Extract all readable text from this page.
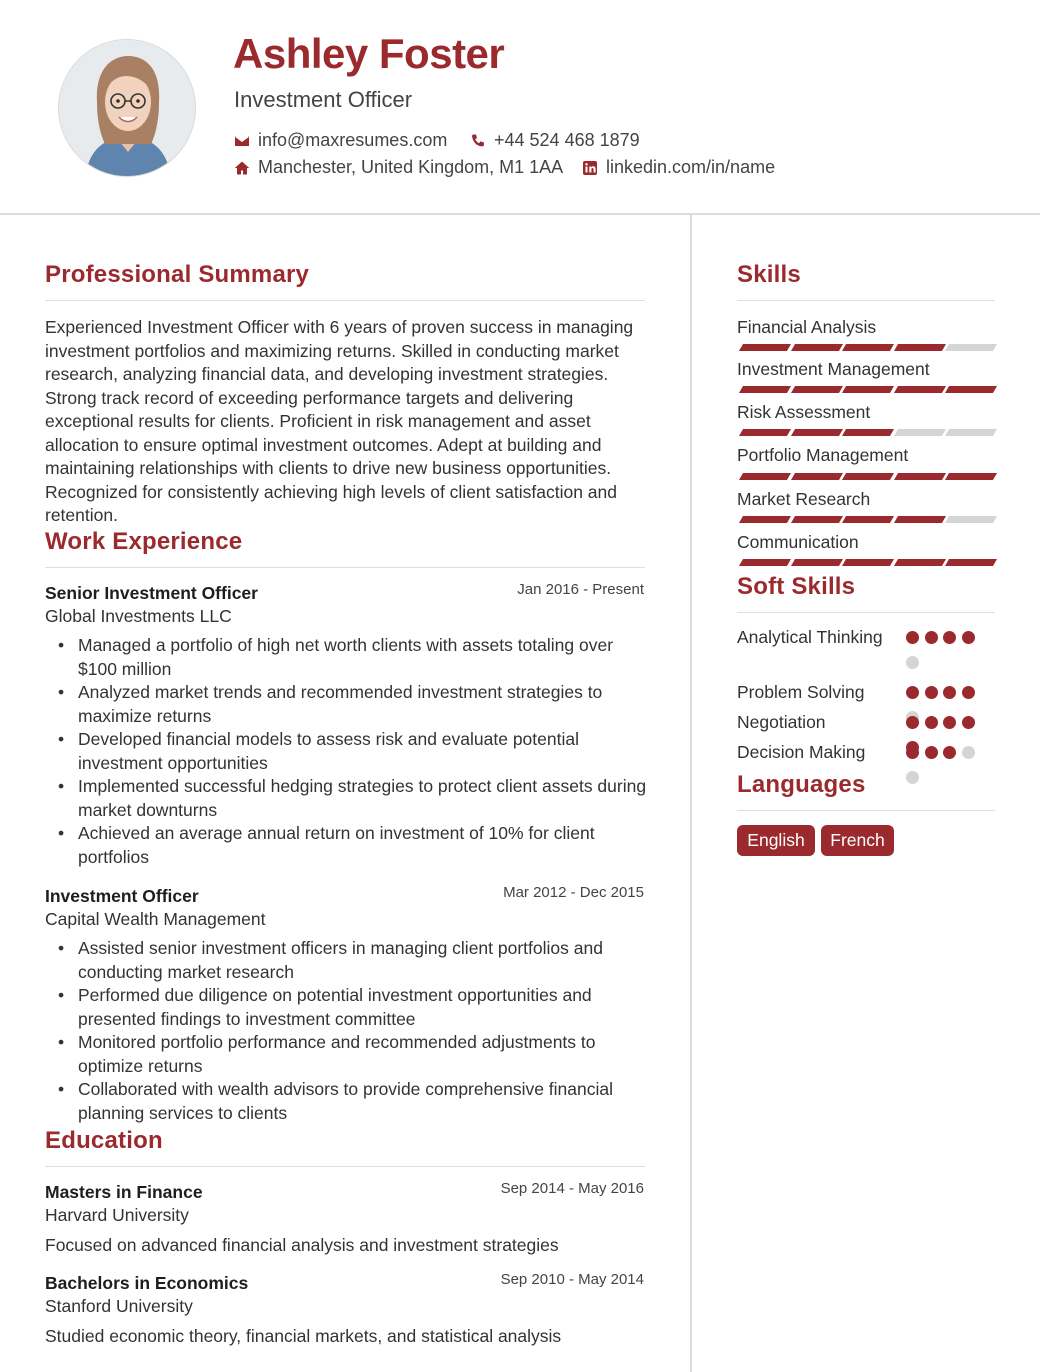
Ashley Foster
Investment Officer
info@maxresumes.com	+44 524 468 1879
Manchester, United Kingdom, M1 1AA linkedin.com/in/name
Professional Summary
Experienced Investment Officer with 6 years of proven success in managing investment portfolios and maximizing returns. Skilled in conducting market research, analyzing financial data, and developing investment strategies. Strong track record of exceeding performance targets and delivering exceptional results for clients. Proficient in risk management and asset allocation to ensure optimal investment outcomes. Adept at building and maintaining relationships with clients to drive new business opportunities. Recognized for consistently achieving high levels of client satisfaction and retention.
Work Experience
Senior Investment Officer	Jan 2016 - Present
Global Investments LLC
• Managed a portfolio of high net worth clients with assets totaling over $100 million
• Analyzed market trends and recommended investment strategies to maximize returns
• Developed financial models to assess risk and evaluate potential investment opportunities
• Implemented successful hedging strategies to protect client assets during market downturns
• Achieved an average annual return on investment of 10% for client portfolios
Investment Officer	Mar 2012 - Dec 2015
Capital Wealth Management
• Assisted senior investment officers in managing client portfolios and conducting market research
• Performed due diligence on potential investment opportunities and presented findings to investment committee
• Monitored portfolio performance and recommended adjustments to optimize returns
• Collaborated with wealth advisors to provide comprehensive financial planning services to clients
Education
Masters in Finance	Sep 2014 - May 2016
Harvard University
Focused on advanced financial analysis and investment strategies
Bachelors in Economics	Sep 2010 - May 2014
Stanford University
Studied economic theory, financial markets, and statistical analysis
Skills
Financial Analysis
Investment Management
Risk Assessment
Portfolio Management
Market Research
Communication
Soft Skills
Analytical Thinking
Problem Solving
Negotiation
Decision Making
Languages
English	French
